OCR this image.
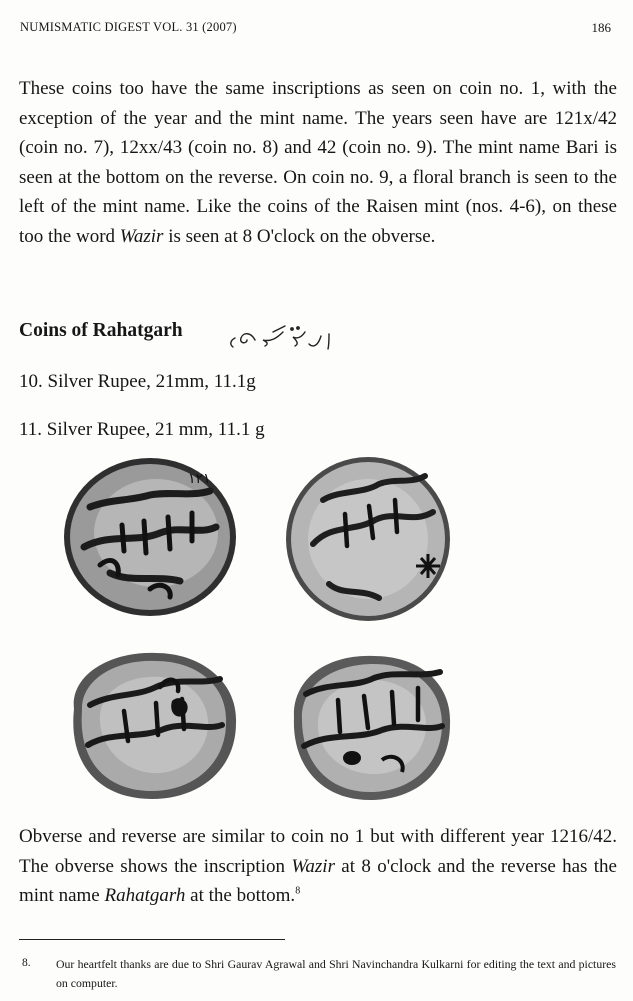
NUMISMATIC DIGEST VOL. 31 (2007)	186

These coins too have the same inscriptions as seen on coin no. 1, with the exception of the year and the mint name. The years seen have are 121x/42 (coin no. 7), 12xx/43 (coin no. 8) and 42 (coin no. 9). The mint name Bari is seen at the bottom on the reverse. On coin no. 9, a floral branch is seen to the left of the mint name. Like the coins of the Raisen mint (nos. 4-6), on these too the word Wazir is seen at 8 O'clock on the obverse.

Coins of Rahatgarh
10. Silver Rupee, 21mm, 11.1g
11. Silver Rupee, 21 mm, 11.1 g
١٢١

Obverse and reverse are similar to coin no 1 but with different year 1216/42. The obverse shows the inscription Wazir at 8 o'clock and the reverse has the mint name Rahatgarh at the bottom.$^8$

8. Our heartfelt thanks are due to Shri Gaurav Agrawal and Shri Navinchandra Kulkarni for editing the text and pictures on computer.
